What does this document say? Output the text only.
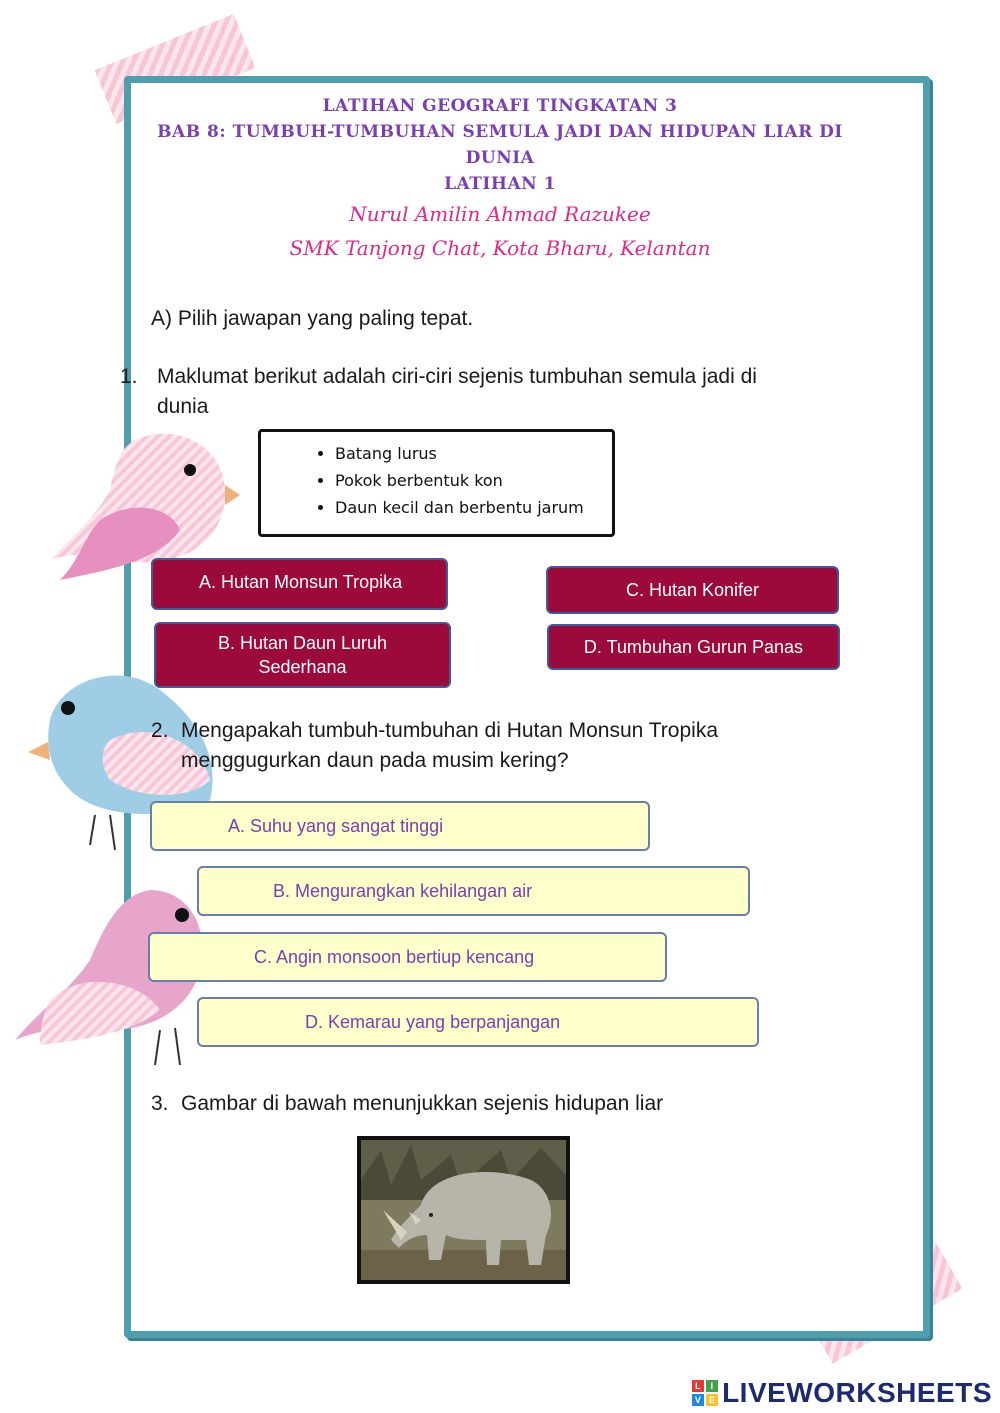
LATIHAN GEOGRAFI TINGKATAN 3
BAB 8: TUMBUH-TUMBUHAN SEMULA JADI DAN HIDUPAN LIAR DI
DUNIA
LATIHAN 1
Nurul Amilin Ahmad Razukee
SMK Tanjong Chat, Kota Bharu, Kelantan
A) Pilih jawapan yang paling tepat.
1. Maklumat berikut adalah ciri-ciri sejenis tumbuhan semula jadi di
dunia
• Batang lurus
• Pokok berbentuk kon
• Daun kecil dan berbentu jarum
A. Hutan Monsun Tropika
B. Hutan Daun Luruh
Sederhana
C. Hutan Konifer
D. Tumbuhan Gurun Panas
2. Mengapakah tumbuh-tumbuhan di Hutan Monsun Tropika
menggugurkan daun pada musim kering?
A. Suhu yang sangat tinggi
B. Mengurangkan kehilangan air
C. Angin monsoon bertiup kencang
D. Kemarau yang berpanjangan
3. Gambar di bawah menunjukkan sejenis hidupan liar
L	I
V E LIVEWORKSHEETS
